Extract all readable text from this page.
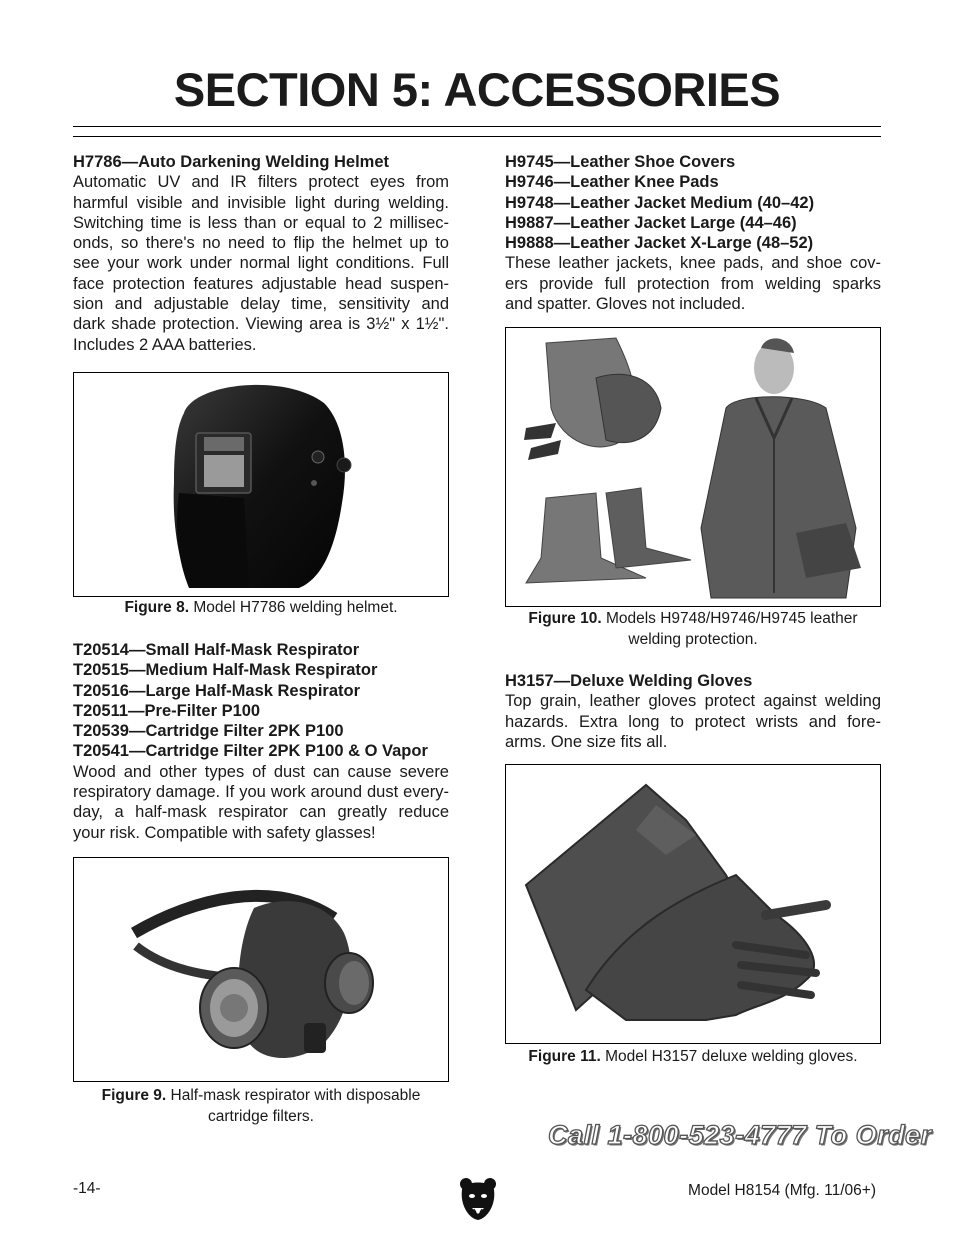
SECTION 5: ACCESSORIES
H7786—Auto Darkening Welding Helmet
Automatic UV and IR filters protect eyes from
harmful visible and invisible light during welding.
Switching time is less than or equal to 2 millisec-
onds, so there's no need to flip the helmet up to
see your work under normal light conditions. Full
face protection features adjustable head suspen-
sion and adjustable delay time, sensitivity and
dark shade protection. Viewing area is 3½" x 1½".
Includes 2 AAA batteries.
Figure 8. Model H7786 welding helmet.
T20514—Small Half-Mask Respirator
T20515—Medium Half-Mask Respirator
T20516—Large Half-Mask Respirator
T20511—Pre-Filter P100
T20539—Cartridge Filter 2PK P100
T20541—Cartridge Filter 2PK P100 & O Vapor
Wood and other types of dust can cause severe
respiratory damage. If you work around dust every-
day, a half-mask respirator can greatly reduce
your risk. Compatible with safety glasses!
Figure 9. Half-mask respirator with disposable
cartridge filters.
H9745—Leather Shoe Covers
H9746—Leather Knee Pads
H9748—Leather Jacket Medium (40–42)
H9887—Leather Jacket Large (44–46)
H9888—Leather Jacket X-Large (48–52)
These leather jackets, knee pads, and shoe cov-
ers provide full protection from welding sparks
and spatter. Gloves not included.
Figure 10. Models H9748/H9746/H9745 leather
welding protection.
H3157—Deluxe Welding Gloves
Top grain, leather gloves protect against welding
hazards. Extra long to protect wrists and fore-
arms. One size fits all.
Figure 11. Model H3157 deluxe welding gloves.
Call 1-800-523-4777 To Order
-14-	Model H8154 (Mfg. 11/06+)
